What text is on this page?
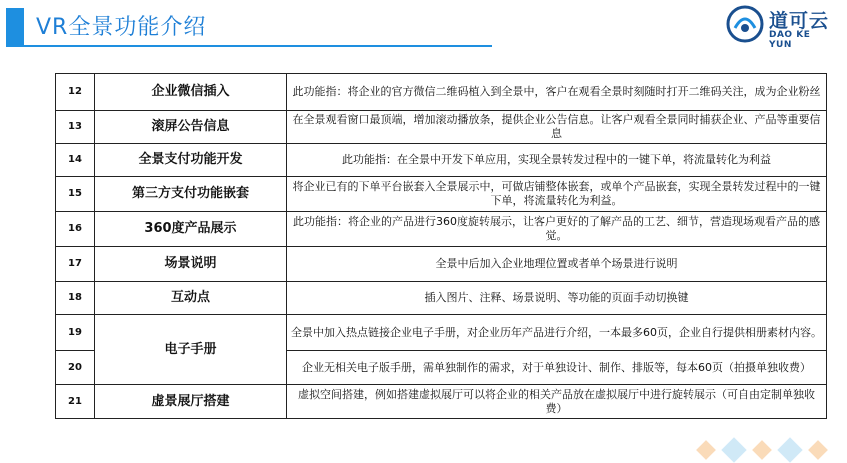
VR全景功能介绍	道可云
DAO KE YUN
12	企业微信插入	此功能指：将企业的官方微信二维码植入到全景中，客户在观看全景时刻随时打开二维码关注，成为企业粉丝
13	滚屏公告信息	在全景观看窗口最顶端，增加滚动播放条，提供企业公告信息。让客户观看全景同时捕获企业、产品等重要信息
14	全景支付功能开发	此功能指：在全景中开发下单应用，实现全景转发过程中的一键下单，将流量转化为利益
15	第三方支付功能嵌套	将企业已有的下单平台嵌套入全景展示中，可做店铺整体嵌套，或单个产品嵌套，实现全景转发过程中的一键下单，将流量转化为利益。
16	360度产品展示	此功能指：将企业的产品进行360度旋转展示，让客户更好的了解产品的工艺、细节，营造现场观看产品的感觉。
17	场景说明	全景中后加入企业地理位置或者单个场景进行说明
18	互动点	插入图片、注释、场景说明、等功能的页面手动切换键
19	电子手册	全景中加入热点链接企业电子手册，对企业历年产品进行介绍，一本最多60页，企业自行提供相册素材内容。
20		企业无相关电子版手册，需单独制作的需求，对于单独设计、制作、排版等，每本60页（拍摄单独收费）
21	虚景展厅搭建	虚拟空间搭建，例如搭建虚拟展厅可以将企业的相关产品放在虚拟展厅中进行旋转展示（可自由定制单独收费）
